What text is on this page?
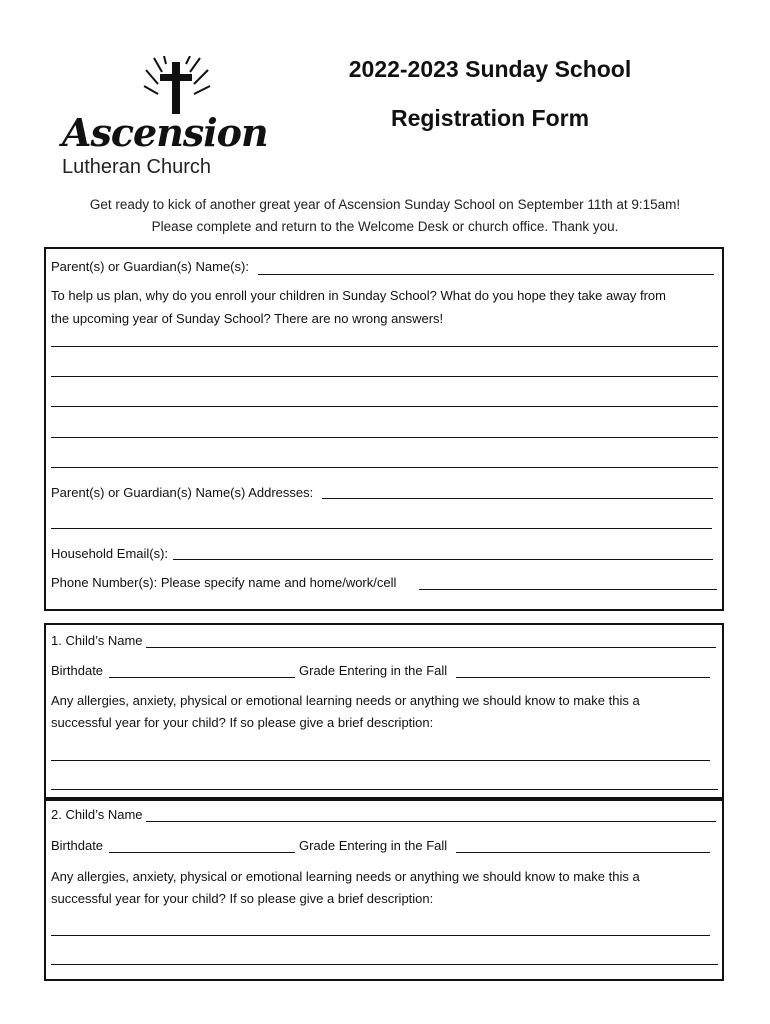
Ascension
Lutheran Church
2022-2023 Sunday School
Registration Form
Get ready to kick of another great year of Ascension Sunday School on September 11th at 9:15am!
Please complete and return to the Welcome Desk or church office. Thank you.
Parent(s) or Guardian(s) Name(s):
To help us plan, why do you enroll your children in Sunday School? What do you hope they take away from
the upcoming year of Sunday School? There are no wrong answers!
Parent(s) or Guardian(s) Name(s) Addresses:
Household Email(s):
Phone Number(s): Please specify name and home/work/cell
1. Child’s Name
Birthdate	Grade Entering in the Fall
Any allergies, anxiety, physical or emotional learning needs or anything we should know to make this a
successful year for your child? If so please give a brief description:
2. Child’s Name
Birthdate	Grade Entering in the Fall
Any allergies, anxiety, physical or emotional learning needs or anything we should know to make this a
successful year for your child? If so please give a brief description:
